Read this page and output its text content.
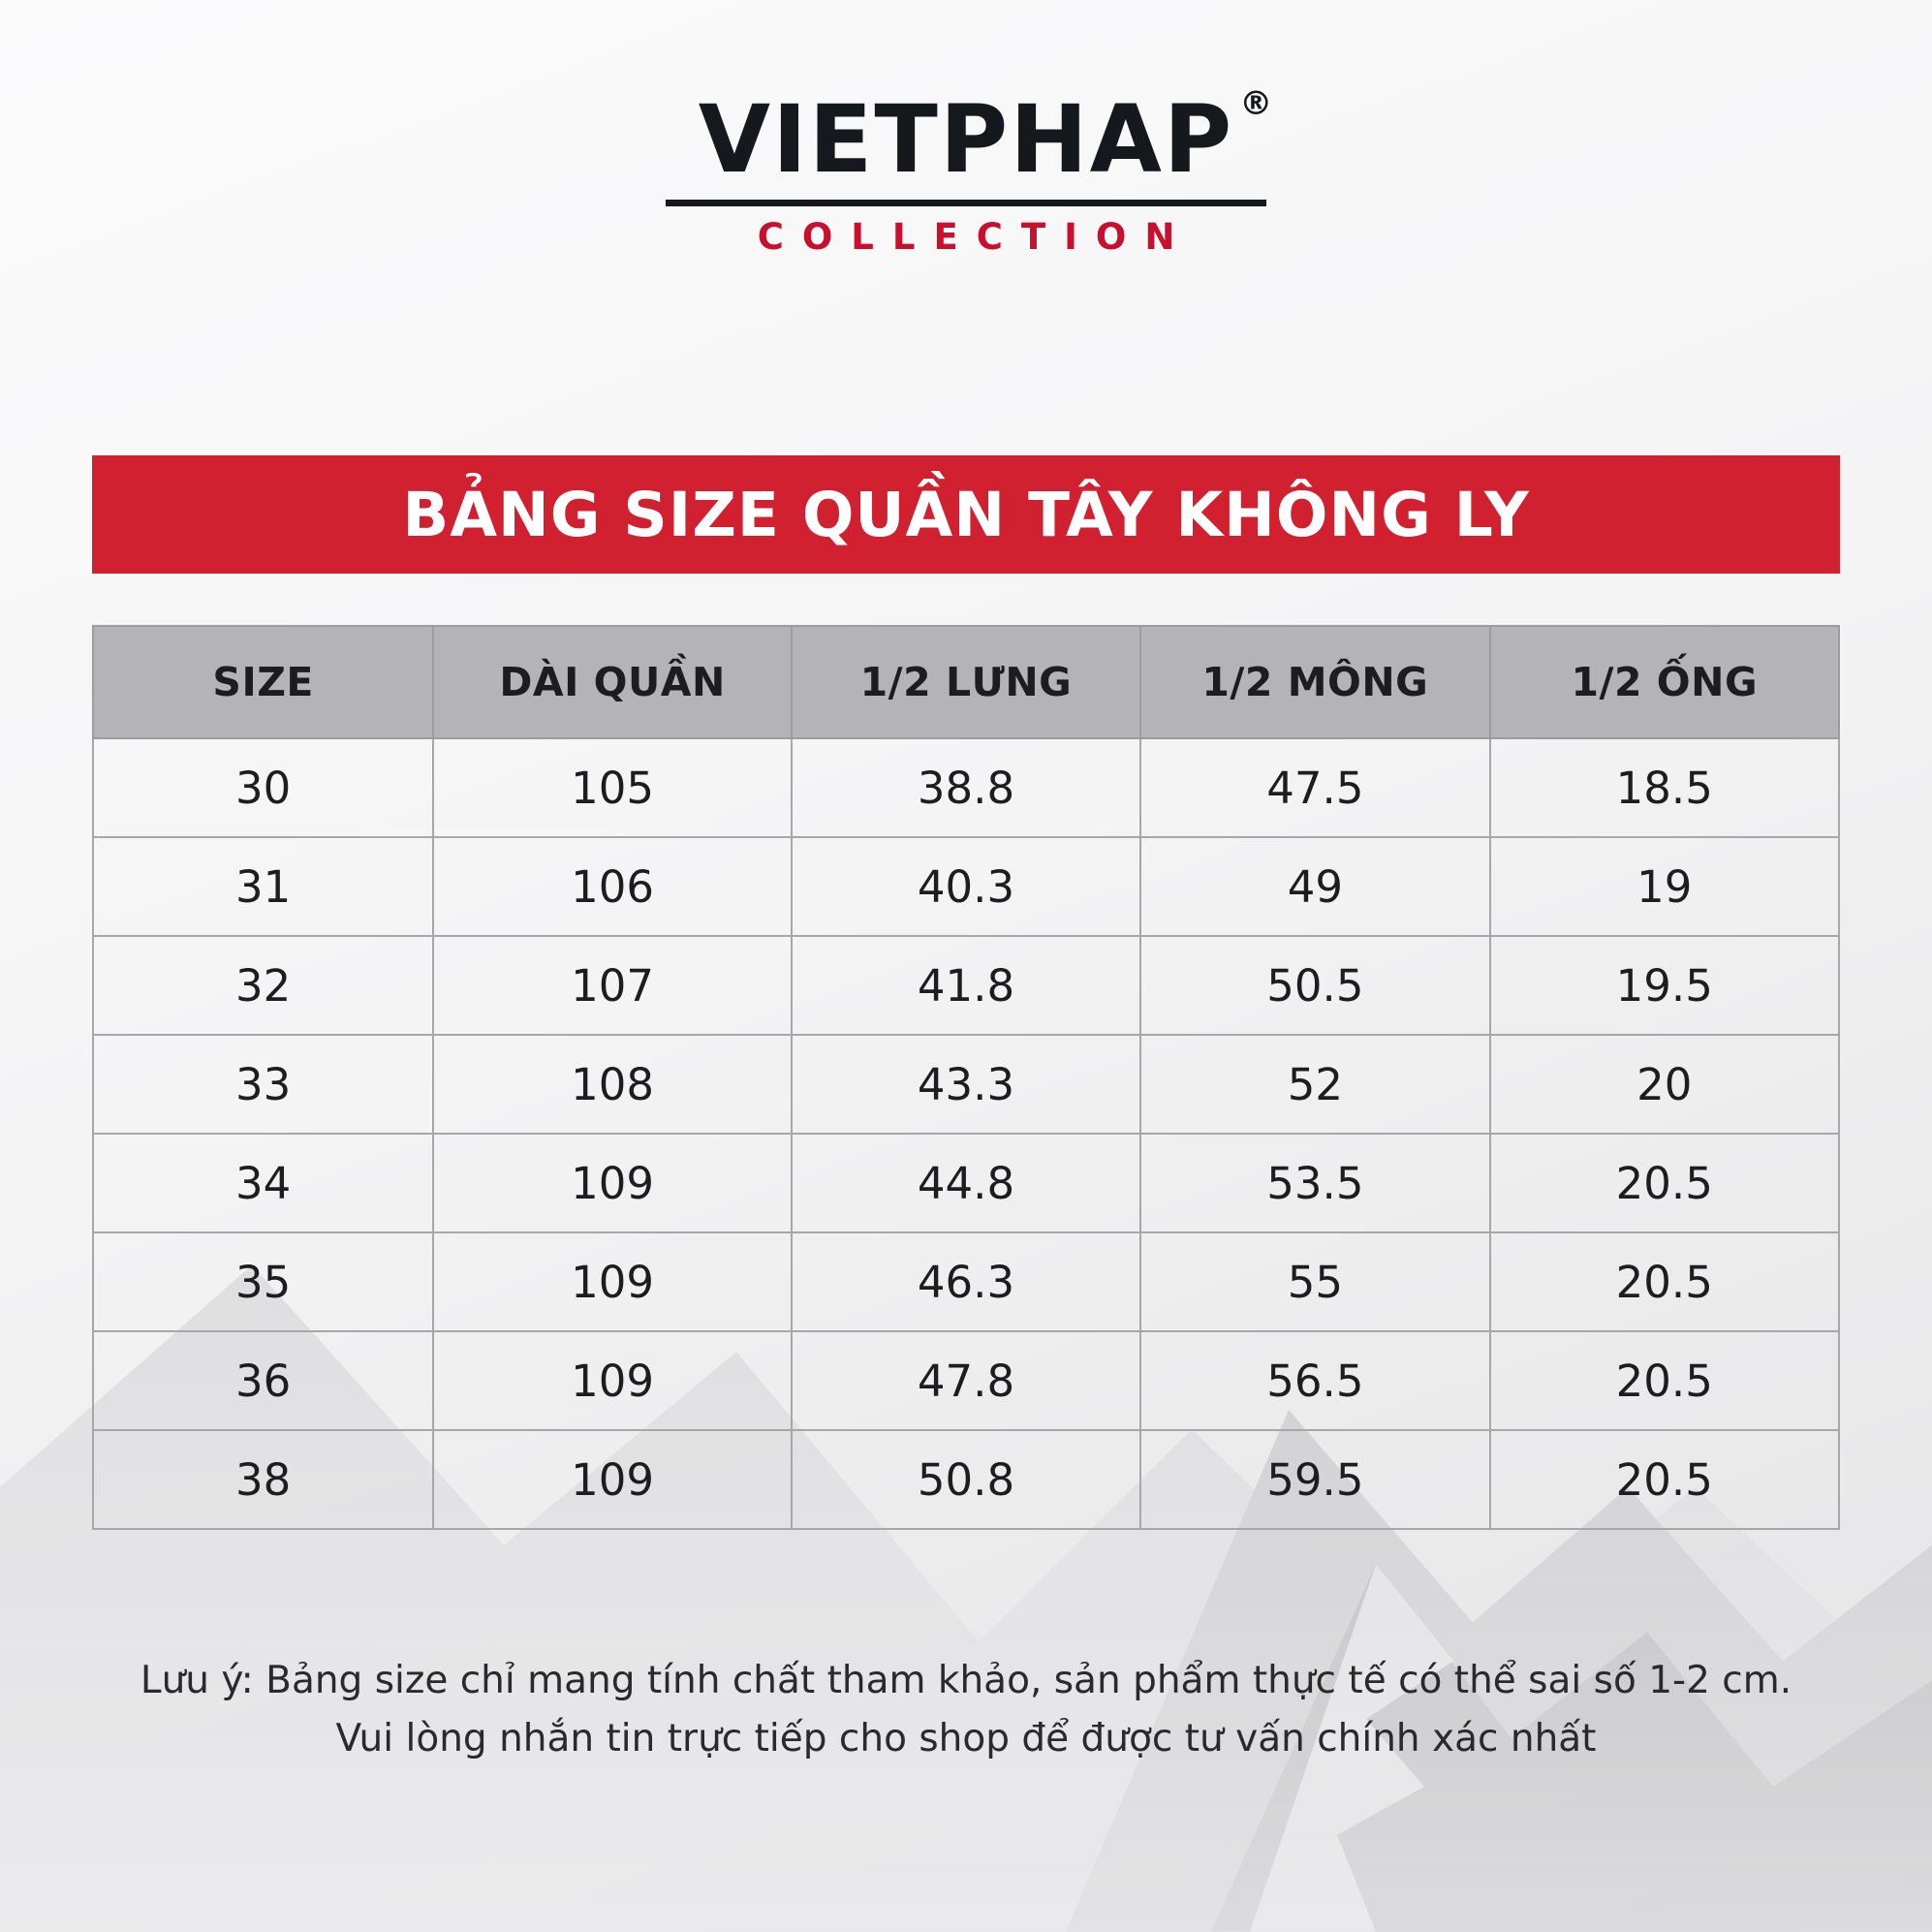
VIETPHAP ®
COLLECTION
BẢNG SIZE QUẦN TÂY KHÔNG LY
SIZE	DÀI QUẦN	1/2 LƯNG	1/2 MÔNG	1/2 ỐNG
30	105	38.8	47.5	18.5
31	106	40.3	49	19
32	107	41.8	50.5	19.5
33	108	43.3	52	20
34	109	44.8	53.5	20.5
35	109	46.3	55	20.5
36	109	47.8	56.5	20.5
38	109	50.8	59.5	20.5
Lưu ý: Bảng size chỉ mang tính chất tham khảo, sản phẩm thực tế có thể sai số 1-2 cm.
Vui lòng nhắn tin trực tiếp cho shop để được tư vấn chính xác nhất
